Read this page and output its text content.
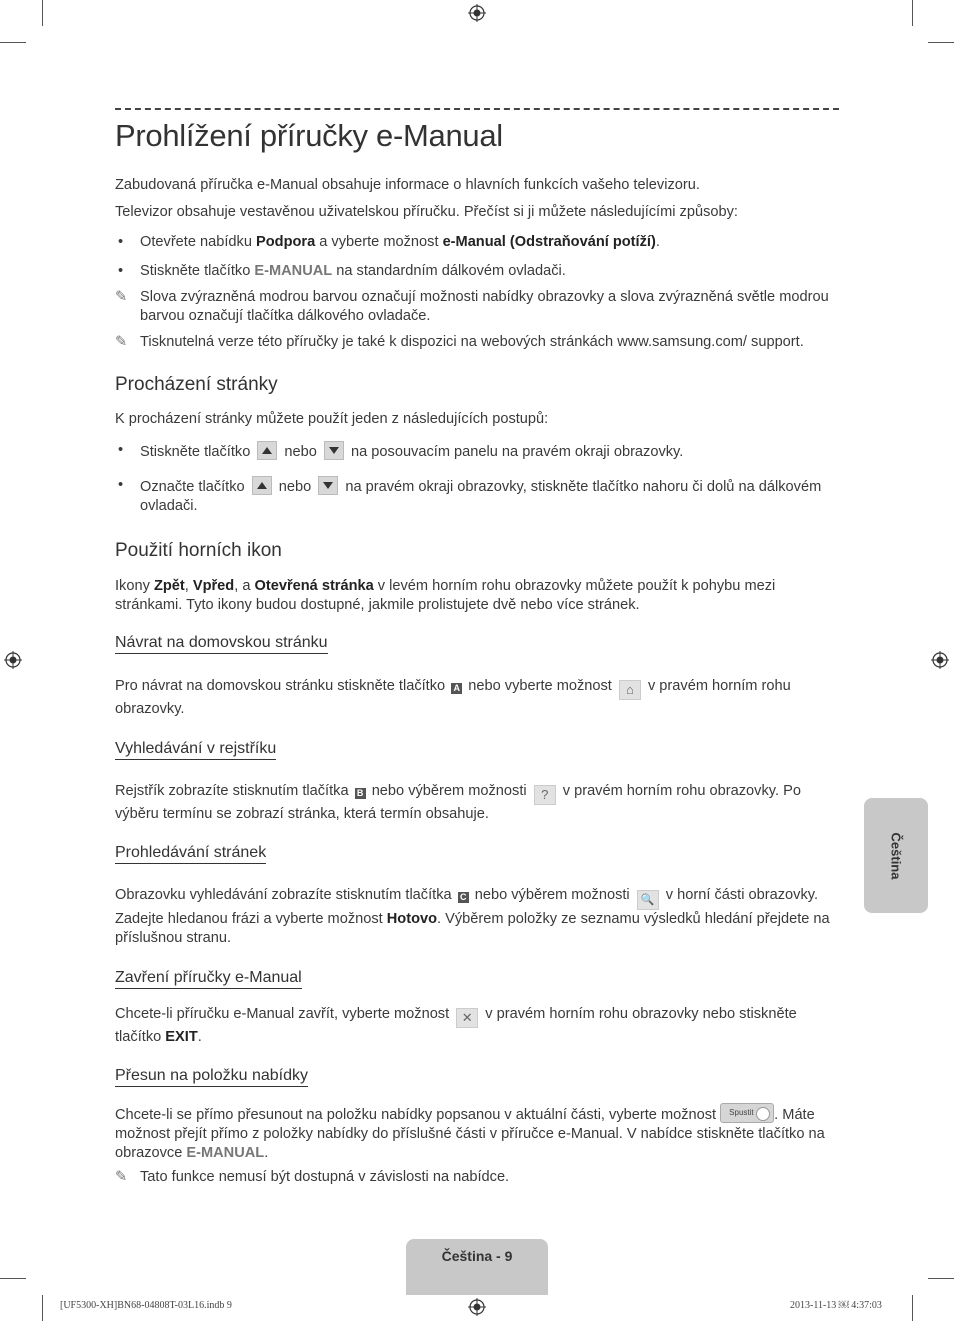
Prohlížení příručky e-Manual

Zabudovaná příručka e-Manual obsahuje informace o hlavních funkcích vašeho televizoru.

Televizor obsahuje vestavěnou uživatelskou příručku. Přečíst si ji můžete následujícími způsoby:

• Otevřete nabídku Podpora a vyberte možnost e-Manual (Odstraňování potíží).
• Stiskněte tlačítko E-MANUAL na standardním dálkovém ovladači.
✎ Slova zvýrazněná modrou barvou označují možnosti nabídky obrazovky a slova zvýrazněná světle modrou barvou označují tlačítka dálkového ovladače.
✎ Tisknutelná verze této příručky je také k dispozici na webových stránkách www.samsung.com/ support.
Procházení stránky

K procházení stránky můžete použít jeden z následujících postupů:

• Stiskněte tlačítko  nebo  na posouvacím panelu na pravém okraji obrazovky.
• Označte tlačítko  nebo  na pravém okraji obrazovky, stiskněte tlačítko nahoru či dolů na dálkovém ovladači.
Použití horních ikon

Ikony Zpět, Vpřed, a Otevřená stránka v levém horním rohu obrazovky můžete použít k pohybu mezi stránkami. Tyto ikony budou dostupné, jakmile prolistujete dvě nebo více stránek.

Návrat na domovskou stránku

Pro návrat na domovskou stránku stiskněte tlačítko A nebo vyberte možnost ⌂ v pravém horním rohu obrazovky.

Vyhledávání v rejstříku

Rejstřík zobrazíte stisknutím tlačítka B nebo výběrem možnosti ? v pravém horním rohu obrazovky. Po výběru termínu se zobrazí stránka, která termín obsahuje.

Prohledávání stránek

Obrazovku vyhledávání zobrazíte stisknutím tlačítka C nebo výběrem možnosti 🔍 v horní části obrazovky. Zadejte hledanou frázi a vyberte možnost Hotovo. Výběrem položky ze seznamu výsledků hledání přejdete na příslušnou stranu.

Zavření příručky e-Manual

Chcete-li příručku e-Manual zavřít, vyberte možnost ✕ v pravém horním rohu obrazovky nebo stiskněte tlačítko EXIT.

Přesun na položku nabídky

Chcete-li se přímo přesunout na položku nabídky popsanou v aktuální části, vyberte možnost Spustit . Máte možnost přejít přímo z položky nabídky do příslušné části v příručce e-Manual. V nabídce stiskněte tlačítko na obrazovce E-MANUAL.

✎ Tato funkce nemusí být dostupná v závislosti na nabídce.
Čeština
Čeština - 9
[UF5300-XH]BN68-04808T-03L16.indb 9	2013-11-13 ￼ 4:37:03
